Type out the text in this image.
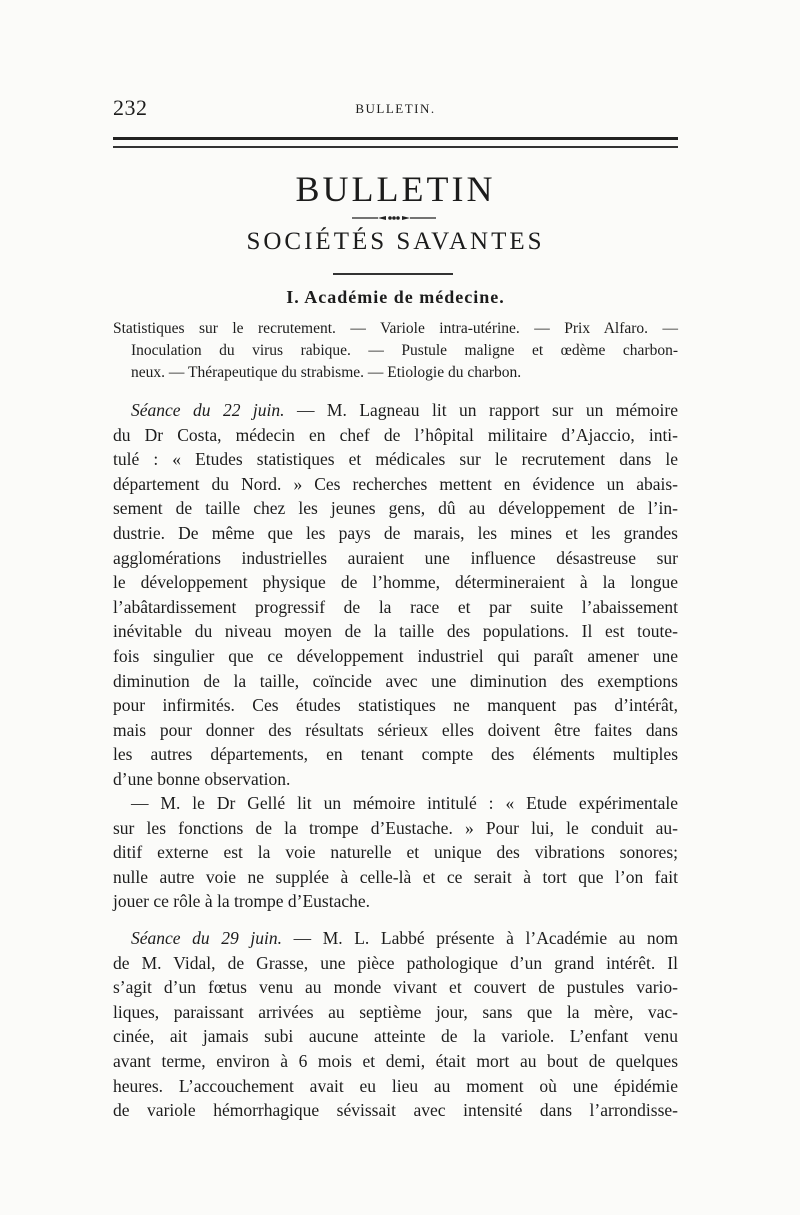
232	BULLETIN.
BULLETIN
SOCIÉTÉS SAVANTES
I. Académie de médecine.

Statistiques sur le recrutement. — Variole intra-utérine. — Prix Alfaro. —

Inoculation du virus rabique. — Pustule maligne et œdème charbon-

neux. — Thérapeutique du strabisme. — Etiologie du charbon.

Séance du 22 juin. — M. Lagneau lit un rapport sur un mémoire

du Dr Costa, médecin en chef de l’hôpital militaire d’Ajaccio, inti-

tulé : « Etudes statistiques et médicales sur le recrutement dans le

département du Nord. » Ces recherches mettent en évidence un abais-

sement de taille chez les jeunes gens, dû au développement de l’in-

dustrie. De même que les pays de marais, les mines et les grandes

agglomérations industrielles auraient une influence désastreuse sur

le développement physique de l’homme, détermineraient à la longue

l’abâtardissement progressif de la race et par suite l’abaissement

inévitable du niveau moyen de la taille des populations. Il est toute-

fois singulier que ce développement industriel qui paraît amener une

diminution de la taille, coïncide avec une diminution des exemptions

pour infirmités. Ces études statistiques ne manquent pas d’intérât,

mais pour donner des résultats sérieux elles doivent être faites dans

les autres départements, en tenant compte des éléments multiples

d’une bonne observation.

— M. le Dr Gellé lit un mémoire intitulé : « Etude expérimentale

sur les fonctions de la trompe d’Eustache. » Pour lui, le conduit au-

ditif externe est la voie naturelle et unique des vibrations sonores;

nulle autre voie ne supplée à celle-là et ce serait à tort que l’on fait

jouer ce rôle à la trompe d’Eustache.

Séance du 29 juin. — M. L. Labbé présente à l’Académie au nom

de M. Vidal, de Grasse, une pièce pathologique d’un grand intérêt. Il

s’agit d’un fœtus venu au monde vivant et couvert de pustules vario-

liques, paraissant arrivées au septième jour, sans que la mère, vac-

cinée, ait jamais subi aucune atteinte de la variole. L’enfant venu

avant terme, environ à 6 mois et demi, était mort au bout de quelques

heures. L’accouchement avait eu lieu au moment où une épidémie

de variole hémorrhagique sévissait avec intensité dans l’arrondisse-
